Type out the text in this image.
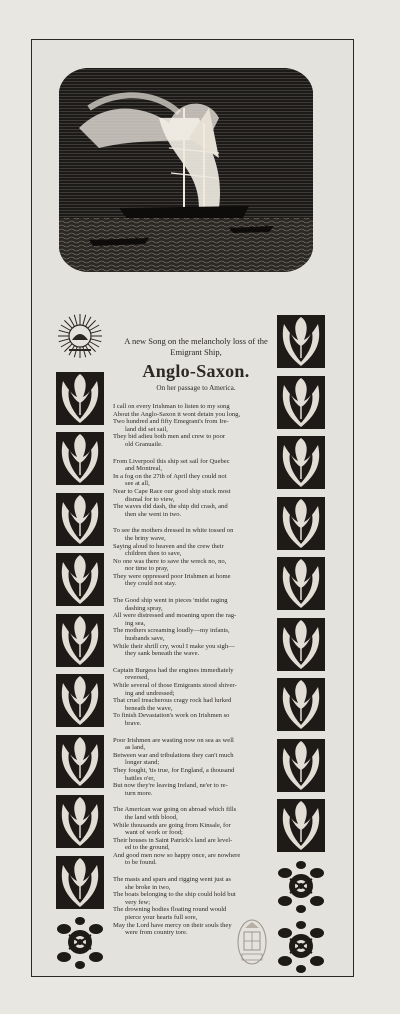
A new Song on the melancholy loss of the Emigrant Ship,
Anglo-Saxon.
On her passage to America.
I call on every Irishman to listen to my song
About the Anglo-Saxon it wont detain you long,
Two hundred and fifty Emegrant's from Ire-
land did set sail,
They bid adieu both men and crew to poor
old Granuaile.
From Liverpool this ship set sail for Quebec
and Montreal,
In a fog on the 27th of April they could not
see at all,
Near to Cape Race our good ship stuck most
dismal for to view,
The waves did dash, the ship did crash, and
then she went in two.
To see the mothers dressed in white tossed on
the briny wave,
Saying aloud to heaven and the crew their
children then to save,
No one was there to save the wreck no, no,
nor time to pray,
They were oppressed poor Irishmen at home
they could not stay.
The Good ship went in pieces 'midst raging
dashing spray,
All were distressed and moaning upon the rag-
ing sea,
The mothers screaming loudly—my infants,
husbands save,
While their shrill cry, woul I make you sigh—
they sank beneath the wave.
Captain Burgess had the engines immediately
reversed,
While several of those Emigrants stood shiver-
ing and undressed;
That cruel treacherous cragy rock had lurked
beneath the wave,
To finish Devastation's work on Irishmen so
brave.
Poor Irishmen are wasting now on sea as well
as land,
Between war and tribulations they can't much
longer stand;
They fought, 'tis true, for England, a thousand
battles o'er,
But now they're leaving Ireland, ne'er to re-
turn more.
The American war going on abroad which fills
the land with blood,
While thousands are going from Kinsale, for
want of work or food;
Their houses in Saint Patrick's land are level-
ed to the ground,
And good men now so happy once, are nowhere
to be found.
The masts and spars and rigging went just as
she broke in two,
The boats belonging to the ship could hold but
very few;
The drowning bodies floating round would
pierce your hearts full sore,
May the Lord have mercy on their souls they
were from country tore.
